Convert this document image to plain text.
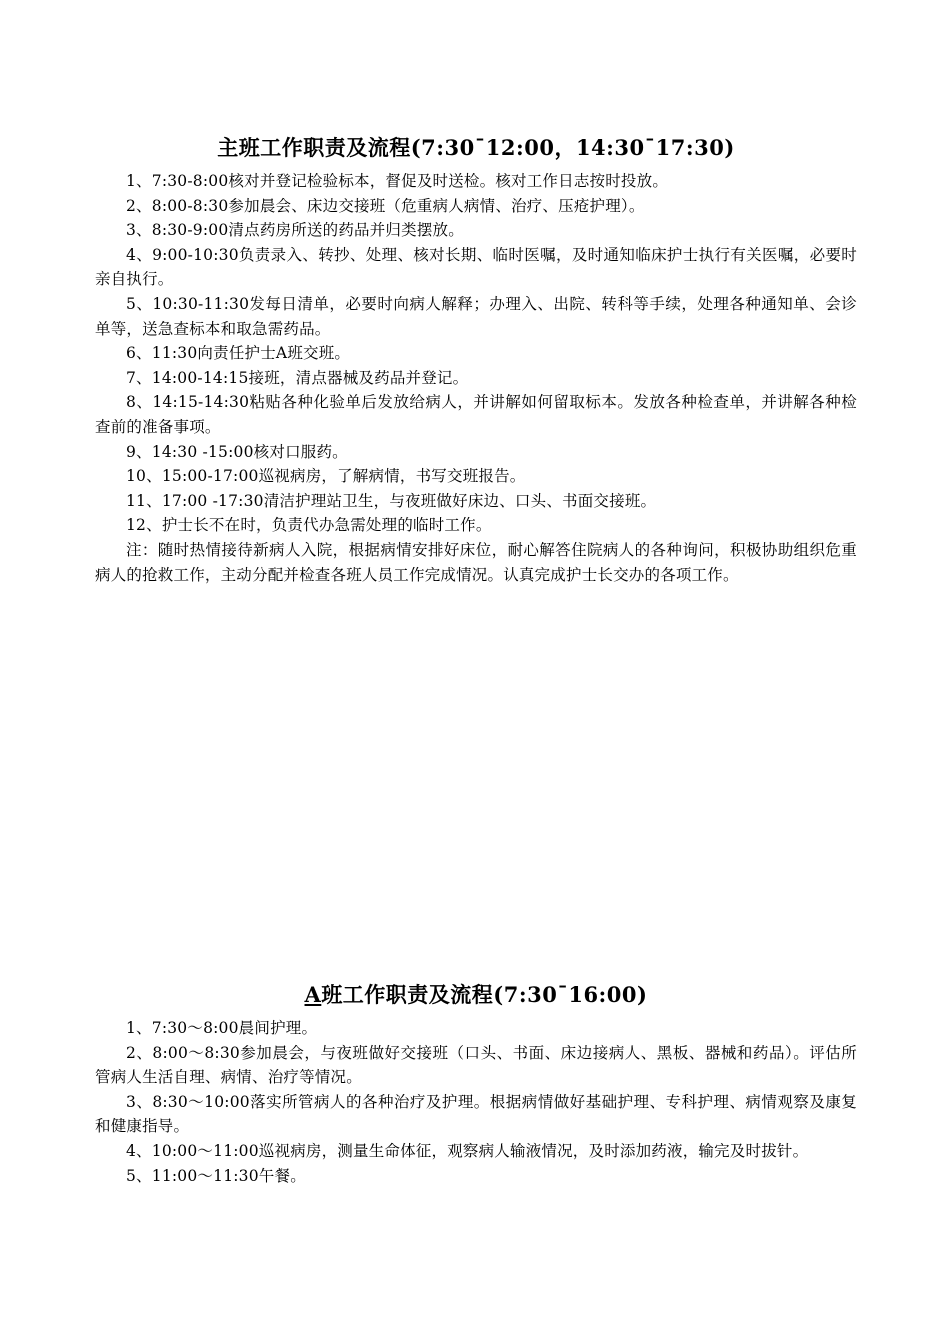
主班工作职责及流程(7:30¯12:00，14:30¯17:30)

1、7:30-8:00核对并登记检验标本，督促及时送检。核对工作日志按时投放。

2、8:00-8:30参加晨会、床边交接班（危重病人病情、治疗、压疮护理）。

3、8:30-9:00清点药房所送的药品并归类摆放。

4、9:00-10:30负责录入、转抄、处理、核对长期、临时医嘱，及时通知临床护士执行有关医嘱，必要时亲自执行。

5、10:30-11:30发每日清单，必要时向病人解释；办理入、出院、转科等手续，处理各种通知单、会诊单等，送急查标本和取急需药品。

6、11:30向责任护士A班交班。

7、14:00-14:15接班，清点器械及药品并登记。

8、14:15-14:30粘贴各种化验单后发放给病人，并讲解如何留取标本。发放各种检查单，并讲解各种检查前的准备事项。

9、14:30 -15:00核对口服药。

10、15:00-17:00巡视病房，了解病情，书写交班报告。

11、17:00 -17:30清洁护理站卫生，与夜班做好床边、口头、书面交接班。

12、护士长不在时，负责代办急需处理的临时工作。

注：随时热情接待新病人入院，根据病情安排好床位，耐心解答住院病人的各种询问，积极协助组织危重病人的抢救工作，主动分配并检查各班人员工作完成情况。认真完成护士长交办的各项工作。

A班工作职责及流程(7:30¯16:00)

1、7:30～8:00晨间护理。

2、8:00～8:30参加晨会，与夜班做好交接班（口头、书面、床边接病人、黑板、器械和药品）。评估所管病人生活自理、病情、治疗等情况。

3、8:30～10:00落实所管病人的各种治疗及护理。根据病情做好基础护理、专科护理、病情观察及康复和健康指导。

4、10:00～11:00巡视病房，测量生命体征，观察病人输液情况，及时添加药液，输完及时拔针。

5、11:00～11:30午餐。
